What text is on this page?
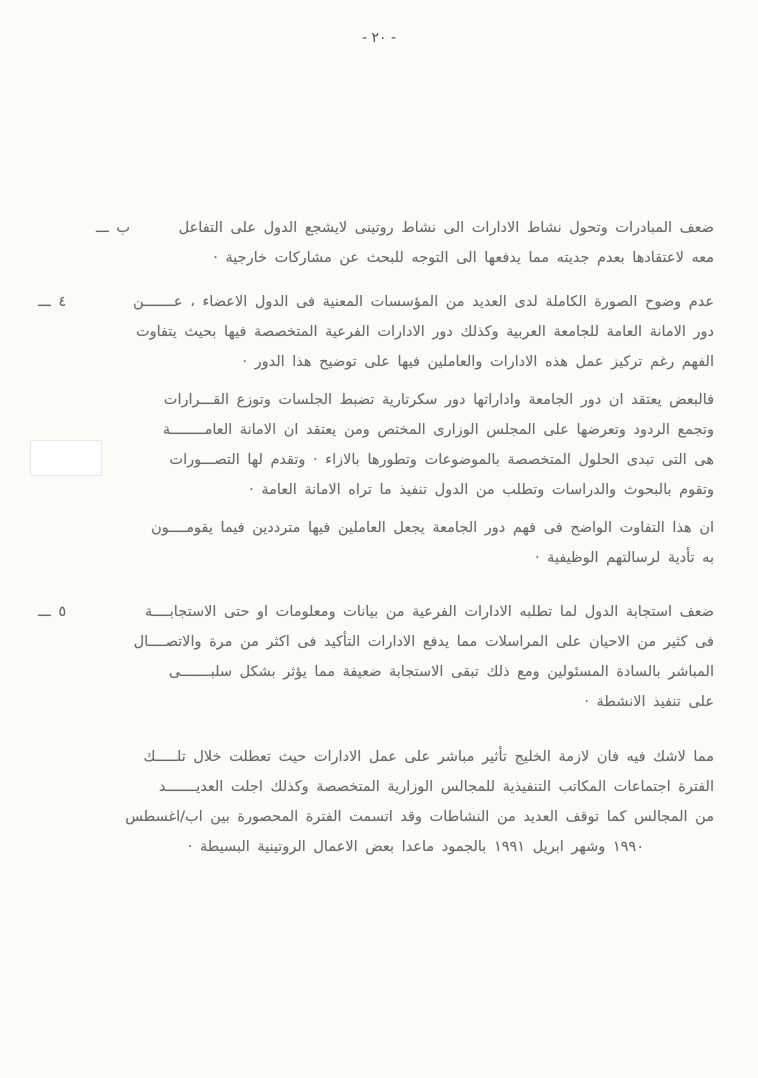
- ٢٠ -
ب ـــ	ضعف المبادرات وتحول نشاط الادارات الى نشاط روتينى لايشجع الدول على التفاعل
معه لاعتقادها بعدم جديته مما يدفعها الى التوجه للبحث عن مشاركات خارجية ·
٤ ـــ	عدم وضوح الصورة الكاملة لدى العديد من المؤسسات المعنية فى الدول الاعضاء ، عـــــــن
دور الامانة العامة للجامعة العربية وكذلك دور الادارات الفرعية المتخصصة فيها بحيث يتفاوت
الفهم رغم تركيز عمل هذه الادارات والعاملين فيها على توضيح هذا الدور ·
فالبعض يعتقد ان دور الجامعة واداراتها دور سكرتارية تضبط الجلسات وتوزع القـــرارات
وتجمع الردود وتعرضها على المجلس الوزارى المختص ومن يعتقد ان الامانة العامــــــــة
هى التى تبدى الحلول المتخصصة بالموضوعات وتطورها بالازاء · وتقدم لها التصـــورات
وتقوم بالبحوث والدراسات وتطلب من الدول تنفيذ ما تراه الامانة العامة ·
ان هذا التفاوت الواضح فى فهم دور الجامعة يجعل العاملين فيها مترددين فيما يقومــــون
به تأدية لرسالتهم الوظيفية ·
٥ ـــ	ضعف استجابة الدول لما تطلبه الادارات الفرعية من بيانات ومعلومات او حتى الاستجابــــة
فى كثير من الاحيان على المراسلات مما يدفع الادارات التأكيد فى اكثر من مرة والاتصــــال
المباشر بالسادة المسئولين ومع ذلك تبقى الاستجابة ضعيفة مما يؤثر بشكل سلبـــــــى
على تنفيذ الانشطة ·
مما لاشك فيه فان لازمة الخليج تأثير مباشر على عمل الادارات حيث تعطلت خلال تلـــــك
الفترة اجتماعات المكاتب التنفيذية للمجالس الوزارية المتخصصة وكذلك اجلت العديـــــــد
من المجالس كما توقف العديد من النشاطات وقد اتسمت الفترة المحصورة بين اب/اغسطس
١٩٩٠ وشهر ابريل ١٩٩١ بالجمود ماعدا بعض الاعمال الروتينية البسيطة ·
